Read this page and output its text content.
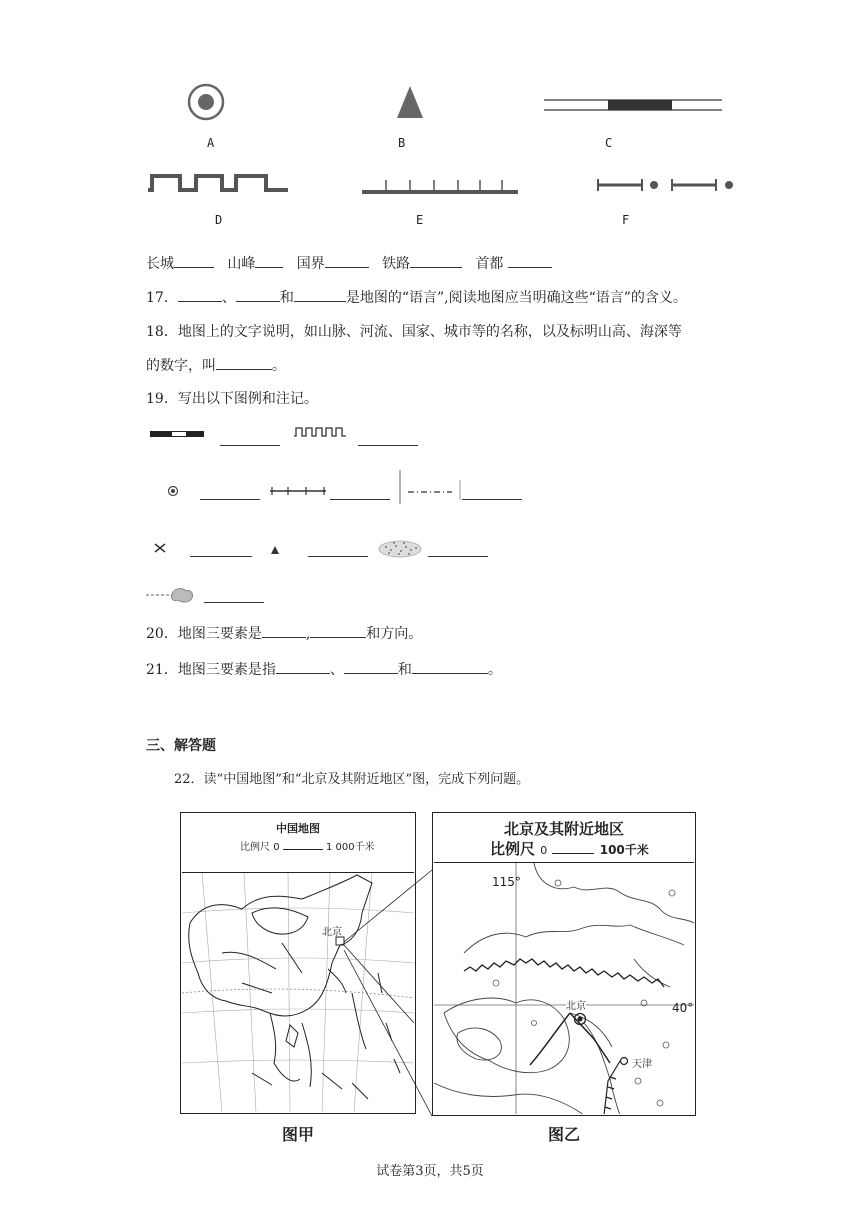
A	B	C
D	E	F
长城	山峰	国界	铁路	首都
17．	、	和	是地图的“语言”,阅读地图应当明确这些“语言”的含义。
18．地图上的文字说明，如山脉、河流、国家、城市等的名称，以及标明山高、海深等
的数字，叫	。
19．写出以下图例和注记。
20．地图三要素是	,	和方向。
21．地图三要素是指	、	和	。
三、解答题
22．读“中国地图”和“北京及其附近地区”图，完成下列问题。
中国地图
比例尺 0	1 000千米
北京
图甲
北京及其附近地区
比例尺 0	100千米
115°
40°
北京
天津
图乙
试卷第3页，共5页
